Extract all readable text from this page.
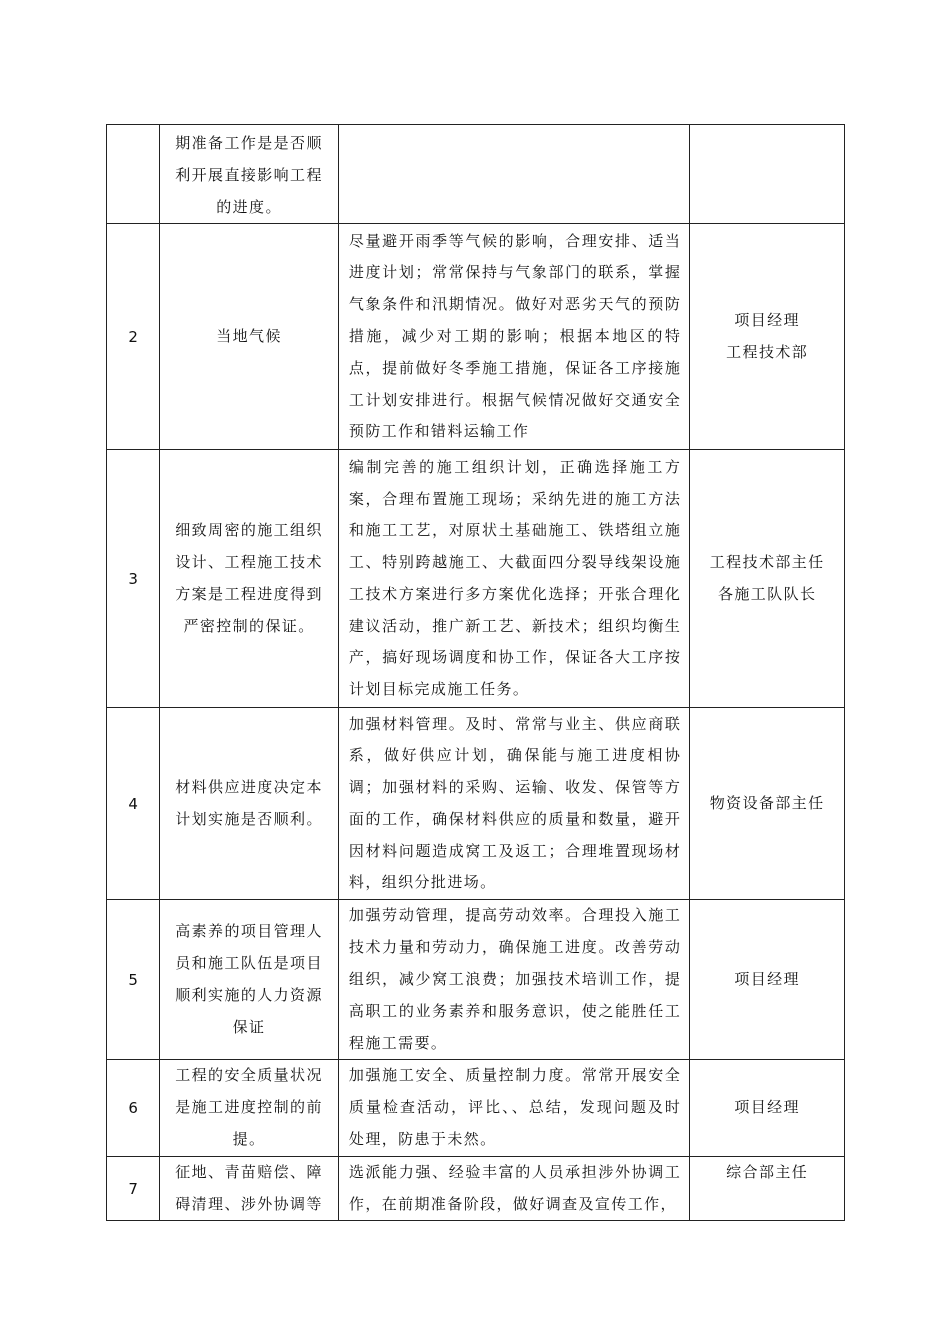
	期准备工作是是否顺利开展直接影响工程的进度。		
2	当地气候	尽量避开雨季等气候的影响，合理安排、适当进度计划；常常保持与气象部门的联系，掌握气象条件和汛期情况。做好对恶劣天气的预防措施，减少对工期的影响；根据本地区的特点，提前做好冬季施工措施，保证各工序接施工计划安排进行。根据气候情况做好交通安全预防工作和错料运输工作	项目经理
工程技术部
3	细致周密的施工组织设计、工程施工技术方案是工程进度得到严密控制的保证。	编制完善的施工组织计划，正确选择施工方案，合理布置施工现场；采纳先进的施工方法和施工工艺，对原状土基础施工、铁塔组立施工、特别跨越施工、大截面四分裂导线架设施工技术方案进行多方案优化选择；开张合理化建议活动，推广新工艺、新技术；组织均衡生产，搞好现场调度和协工作，保证各大工序按计划目标完成施工任务。	工程技术部主任
各施工队队长
4	材料供应进度决定本计划实施是否顺利。	加强材料管理。及时、常常与业主、供应商联系，做好供应计划，确保能与施工进度相协调；加强材料的采购、运输、收发、保管等方面的工作，确保材料供应的质量和数量，避开因材料问题造成窝工及返工；合理堆置现场材料，组织分批进场。	物资设备部主任
5	高素养的项目管理人员和施工队伍是项目顺利实施的人力资源保证	加强劳动管理，提高劳动效率。合理投入施工技术力量和劳动力，确保施工进度。改善劳动组织，减少窝工浪费；加强技术培训工作，提高职工的业务素养和服务意识，使之能胜任工程施工需要。	项目经理
6	工程的安全质量状况是施工进度控制的前提。	加强施工安全、质量控制力度。常常开展安全质量检查活动，评比、、总结，发现问题及时处理，防患于未然。	项目经理
7	征地、青苗赔偿、障碍清理、涉外协调等	选派能力强、经验丰富的人员承担涉外协调工作，在前期准备阶段，做好调查及宣传工作，	综合部主任
